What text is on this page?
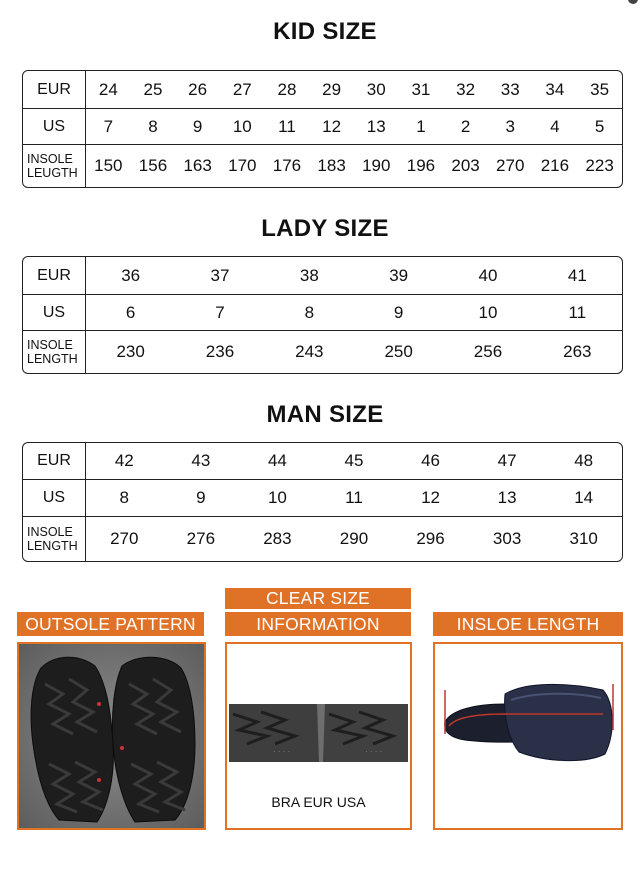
KID SIZE
EUR	24	25	26	27	28	29	30	31	32	33	34	35
US	7	8	9	10	11	12	13	1	2	3	4	5
INSOLE LEUGTH	150	156	163	170	176	183	190	196	203	270	216	223
LADY SIZE
EUR	36	37	38	39	40	41
US	6	7	8	9	10	11
INSOLE LENGTH	230	236	243	250	256	263
MAN SIZE
EUR	42	43	44	45	46	47	48
US	8	9	10	11	12	13	14
INSOLE LENGTH	270	276	283	290	296	303	310
OUTSOLE PATTERN
CLEAR SIZE
INFORMATION
· · · ·	· · · ·
BRA EUR USA
INSLOE LENGTH
